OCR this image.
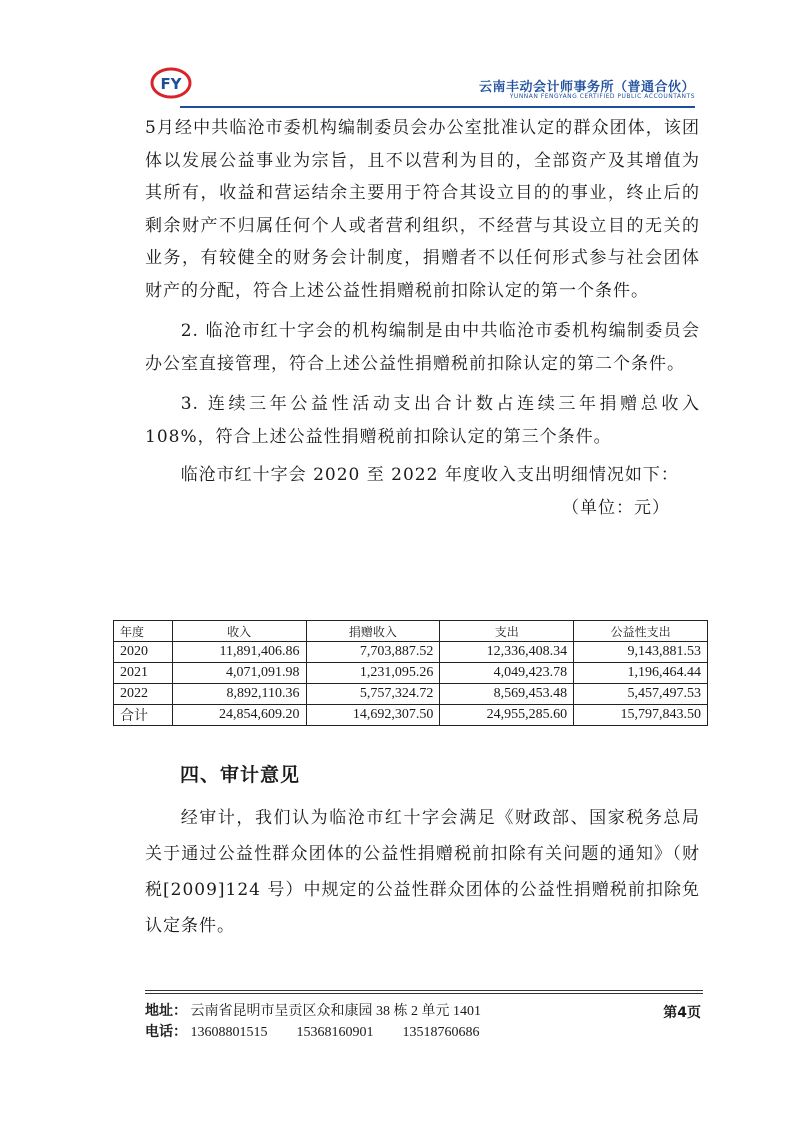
FY	云南丰动会计师事务所（普通合伙）
YUNNAN FENGYANG CERTIFIED PUBLIC ACCOUNTANTS

5月经中共临沧市委机构编制委员会办公室批准认定的群众团体，该团体以发展公益事业为宗旨，且不以营利为目的，全部资产及其增值为其所有，收益和营运结余主要用于符合其设立目的的事业，终止后的剩余财产不归属任何个人或者营利组织，不经营与其设立目的无关的业务，有较健全的财务会计制度，捐赠者不以任何形式参与社会团体财产的分配，符合上述公益性捐赠税前扣除认定的第一个条件。

2. 临沧市红十字会的机构编制是由中共临沧市委机构编制委员会办公室直接管理，符合上述公益性捐赠税前扣除认定的第二个条件。

3. 连续三年公益性活动支出合计数占连续三年捐赠总收入108%，符合上述公益性捐赠税前扣除认定的第三个条件。

临沧市红十字会 2020 至 2022 年度收入支出明细情况如下：

（单位：元）

年度	收入	捐赠收入	支出	公益性支出
2020	11,891,406.86	7,703,887.52	12,336,408.34	9,143,881.53
2021	4,071,091.98	1,231,095.26	4,049,423.78	1,196,464.44
2022	8,892,110.36	5,757,324.72	8,569,453.48	5,457,497.53
合计	24,854,609.20	14,692,307.50	24,955,285.60	15,797,843.50
四、审计意见

经审计，我们认为临沧市红十字会满足《财政部、国家税务总局关于通过公益性群众团体的公益性捐赠税前扣除有关问题的通知》（财税[2009]124 号）中规定的公益性群众团体的公益性捐赠税前扣除免认定条件。

地址： 云南省昆明市呈贡区众和康园 38 栋 2 单元 1401	第4页
电话： 13608801515 15368160901 13518760686
